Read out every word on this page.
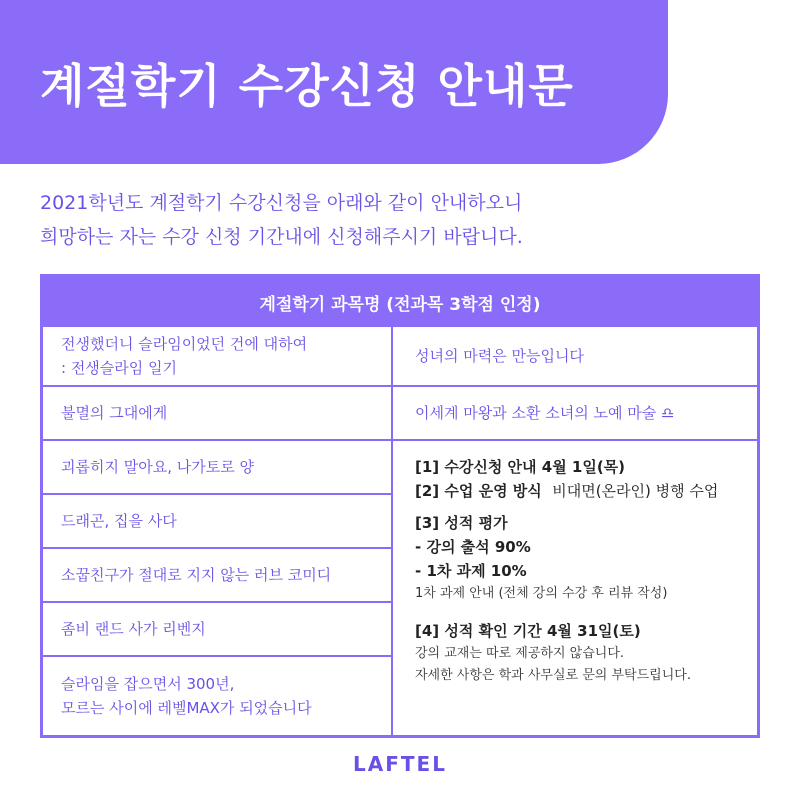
계절학기 수강신청 안내문
2021학년도 계절학기 수강신청을 아래와 같이 안내하오니
희망하는 자는 수강 신청 기간내에 신청해주시기 바랍니다.
계절학기 과목명 (전과목 3학점 인정)
전생했더니 슬라임이었던 건에 대하여
: 전생슬라임 일기
불멸의 그대에게
괴롭히지 말아요, 나가토로 양
드래곤, 집을 사다
소꿉친구가 절대로 지지 않는 러브 코미디
좀비 랜드 사가 리벤지
슬라임을 잡으면서 300년,
모르는 사이에 레벨MAX가 되었습니다
성녀의 마력은 만능입니다
이세계 마왕과 소환 소녀의 노예 마술 ♎
[1] 수강신청 안내 4월 1일(목)
[2] 수업 운영 방식 비대면(온라인) 병행 수업
[3] 성적 평가
- 강의 출석 90%
- 1차 과제 10%
1차 과제 안내 (전체 강의 수강 후 리뷰 작성)
[4] 성적 확인 기간 4월 31일(토)
강의 교재는 따로 제공하지 않습니다.
자세한 사항은 학과 사무실로 문의 부탁드립니다.
LAFTEL
